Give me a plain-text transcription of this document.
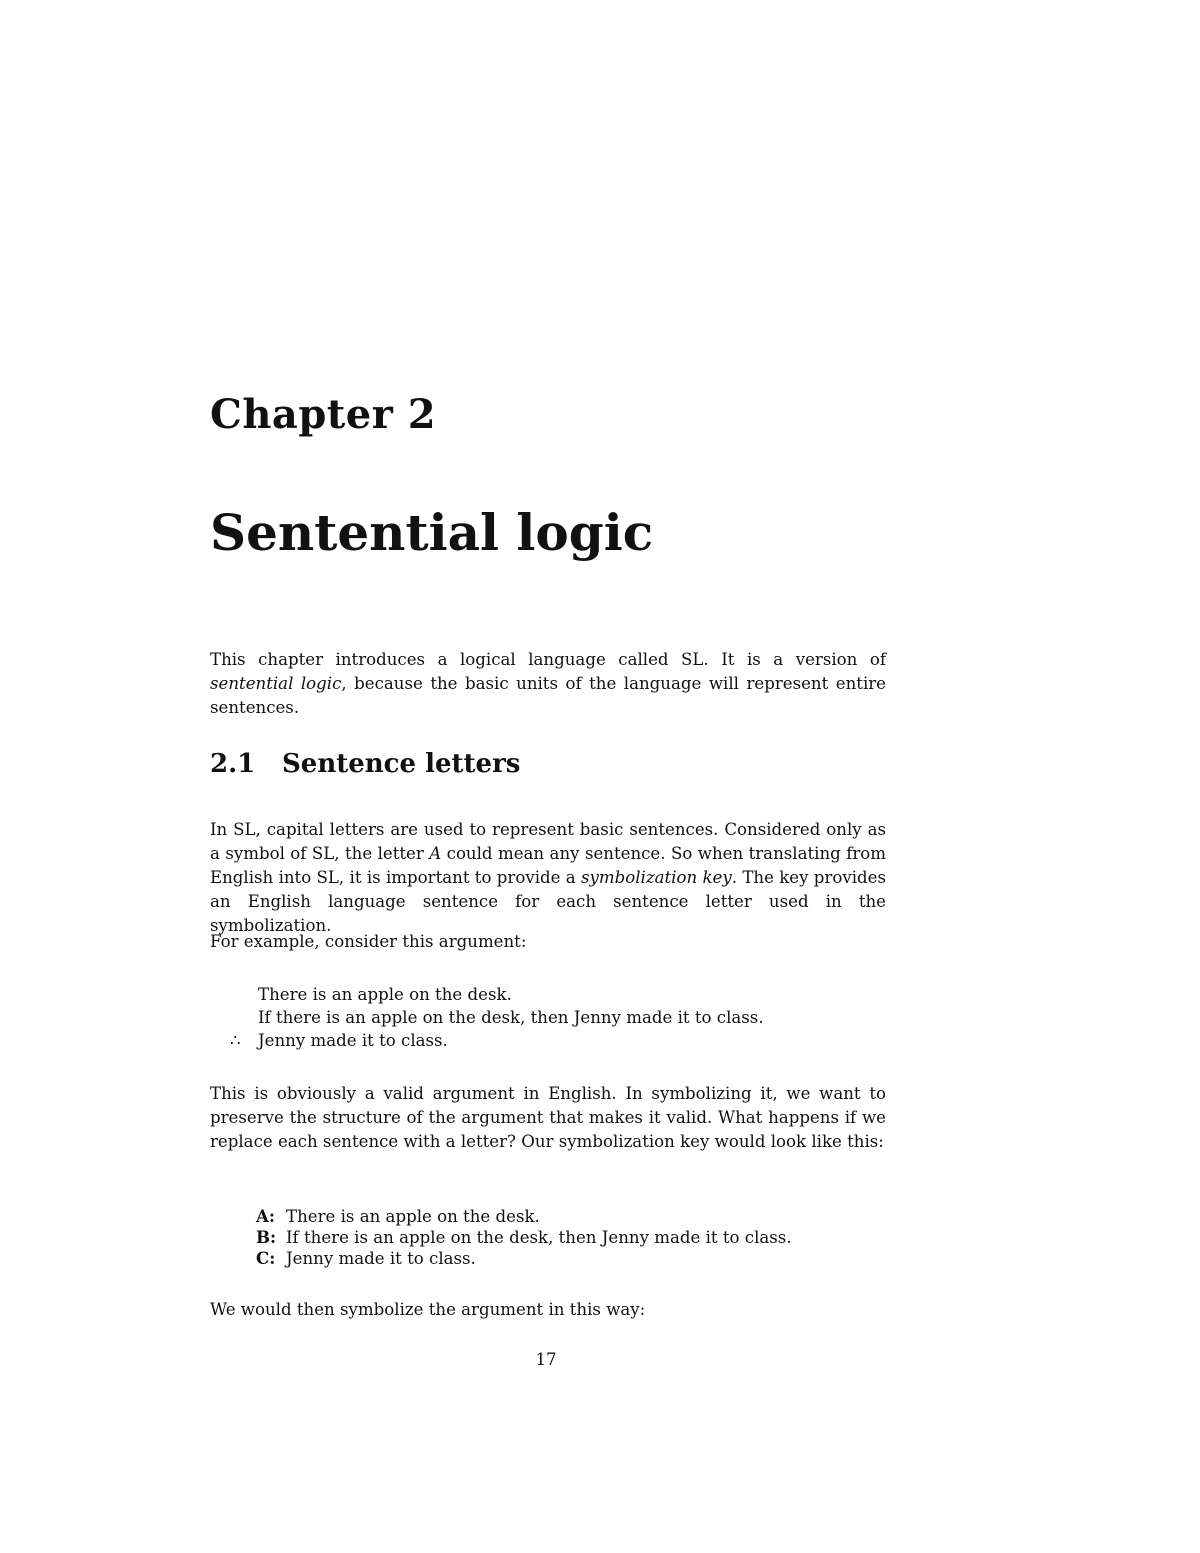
Chapter 2
Sentential logic

This chapter introduces a logical language called SL. It is a version of sentential logic, because the basic units of the language will represent entire sentences.

2.1 Sentence letters

In SL, capital letters are used to represent basic sentences. Considered only as a symbol of SL, the letter A could mean any sentence. So when translating from English into SL, it is important to provide a symbolization key. The key provides an English language sentence for each sentence letter used in the symbolization.

For example, consider this argument:

There is an apple on the desk.
If there is an apple on the desk, then Jenny made it to class.
∴ Jenny made it to class.

This is obviously a valid argument in English. In symbolizing it, we want to preserve the structure of the argument that makes it valid. What happens if we replace each sentence with a letter? Our symbolization key would look like this:

A: There is an apple on the desk.
B: If there is an apple on the desk, then Jenny made it to class.
C: Jenny made it to class.

We would then symbolize the argument in this way:

17
